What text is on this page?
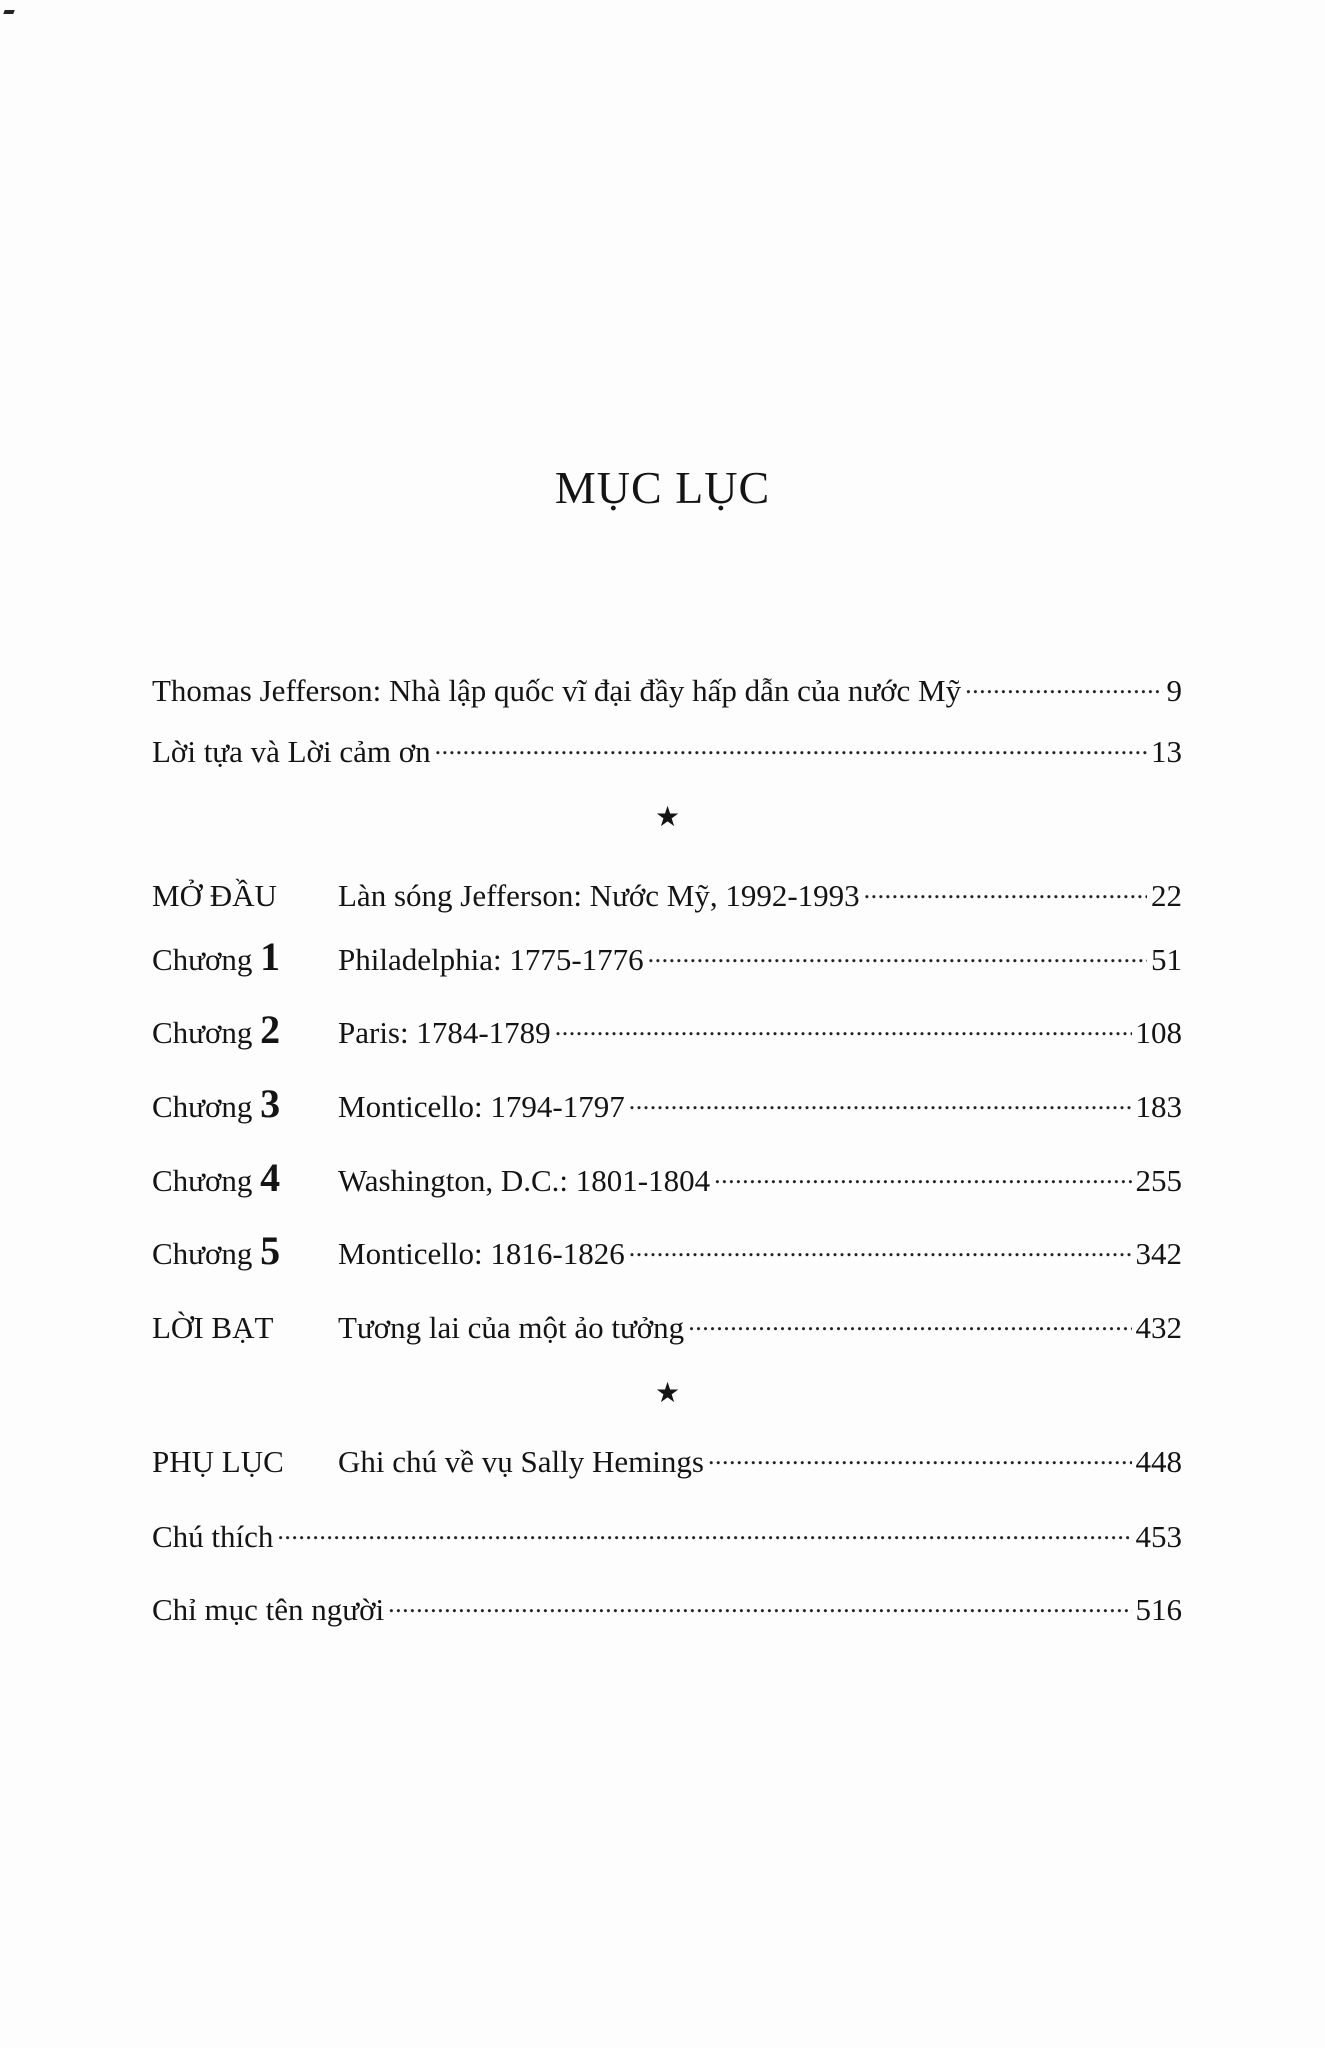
MỤC LỤC
Thomas Jefferson: Nhà lập quốc vĩ đại đầy hấp dẫn của nước Mỹ .....	9
Lời tựa và Lời cảm ơn .....	13
★
MỞ ĐẦU	Làn sóng Jefferson: Nước Mỹ, 1992-1993 .....	22
Chương 1	Philadelphia: 1775-1776 .....	51
Chương 2	Paris: 1784-1789 .....	108
Chương 3	Monticello: 1794-1797 .....	183
Chương 4	Washington, D.C.: 1801-1804 .....	255
Chương 5	Monticello: 1816-1826 .....	342
LỜI BẠT	Tương lai của một ảo tưởng .....	432
★
PHỤ LỤC	Ghi chú về vụ Sally Hemings .....	448
Chú thích .....	453
Chỉ mục tên người .....	516
